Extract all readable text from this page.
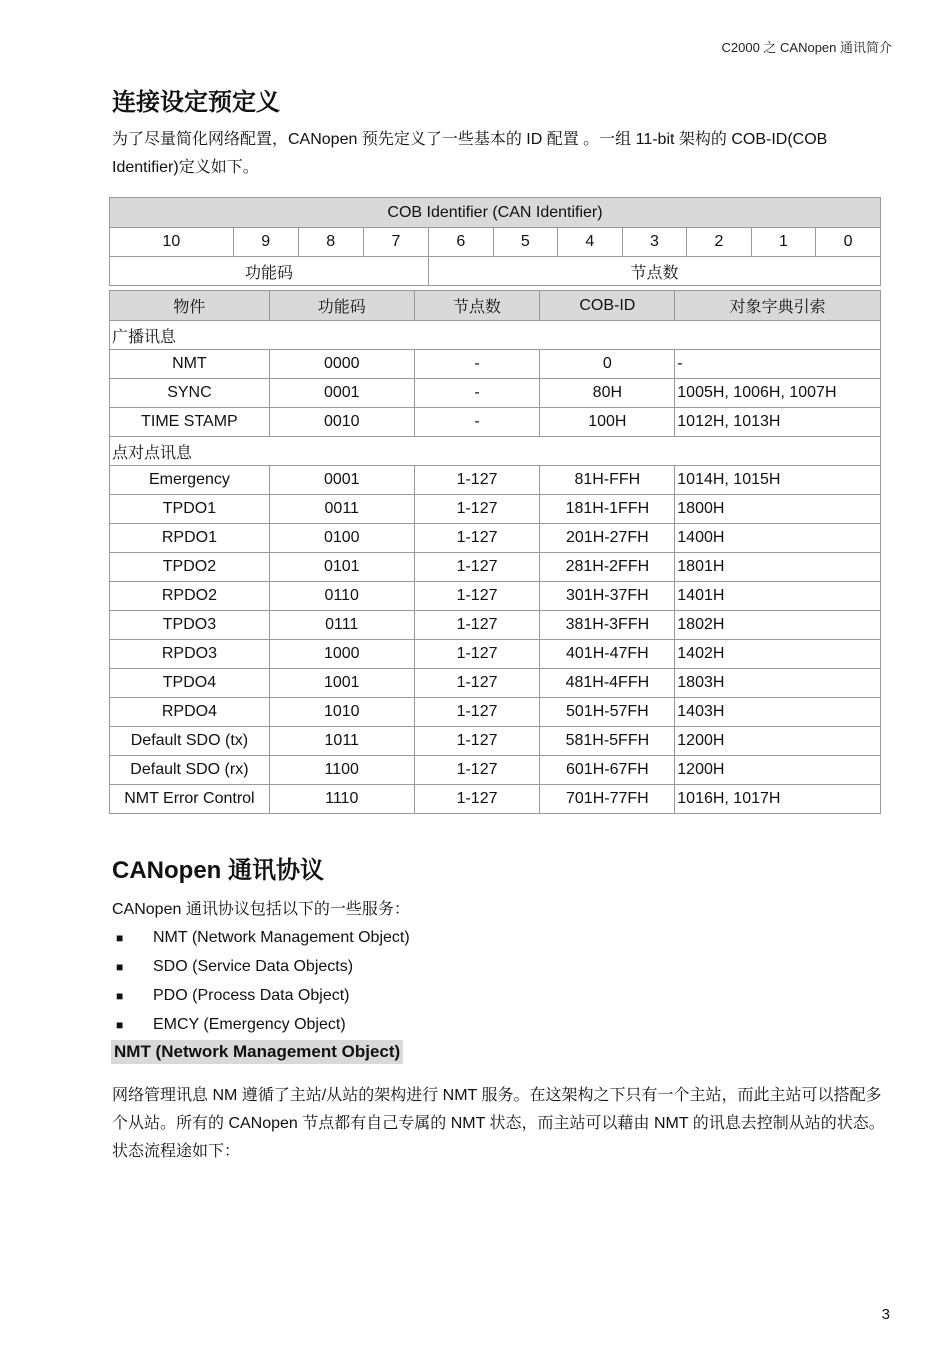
C2000 之 CANopen 通讯简介
连接设定预定义

为了尽量简化网络配置，CANopen 预先定义了一些基本的 ID 配置 。一组 11-bit 架构的 COB-ID(COB Identifier)定义如下。

COB Identifier (CAN Identifier)										
10	9	8	7	6	5	4	3	2	1	0
功能码				节点数						
物件	功能码	节点数	COB-ID	对象字典引索
广播讯息				
NMT	0000	-	0	-
SYNC	0001	-	80H	1005H, 1006H, 1007H
TIME STAMP	0010	-	100H	1012H, 1013H
点对点讯息				
Emergency	0001	1-127	81H-FFH	1014H, 1015H
TPDO1	0011	1-127	181H-1FFH	1800H
RPDO1	0100	1-127	201H-27FH	1400H
TPDO2	0101	1-127	281H-2FFH	1801H
RPDO2	0110	1-127	301H-37FH	1401H
TPDO3	0111	1-127	381H-3FFH	1802H
RPDO3	1000	1-127	401H-47FH	1402H
TPDO4	1001	1-127	481H-4FFH	1803H
RPDO4	1010	1-127	501H-57FH	1403H
Default SDO (tx)	1011	1-127	581H-5FFH	1200H
Default SDO (rx)	1100	1-127	601H-67FH	1200H
NMT Error Control	1110	1-127	701H-77FH	1016H, 1017H
CANopen 通讯协议

CANopen 通讯协议包括以下的一些服务：

■	NMT (Network Management Object)
■	SDO (Service Data Objects)
■	PDO (Process Data Object)
■	EMCY (Emergency Object)
NMT (Network Management Object)

网络管理讯息 NM 遵循了主站/从站的架构进行 NMT 服务。在这架构之下只有一个主站，而此主站可以搭配多个从站。所有的 CANopen 节点都有自己专属的 NMT 状态，而主站可以藉由 NMT 的讯息去控制从站的状态。状态流程途如下：

3
